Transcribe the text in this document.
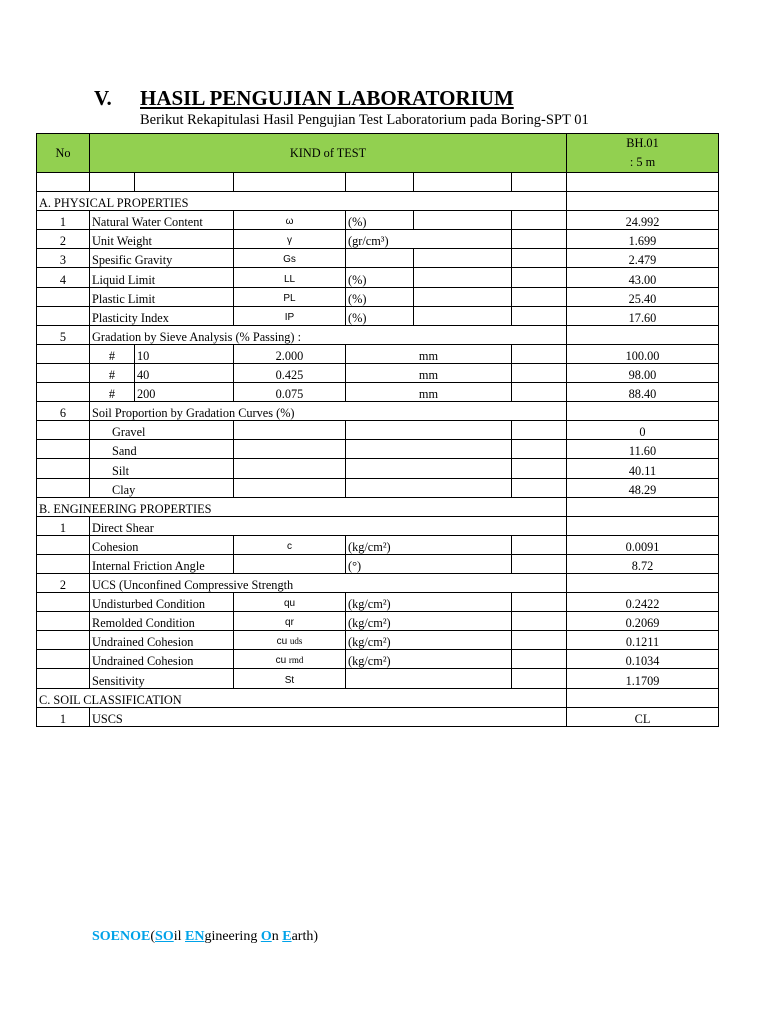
V. HASIL PENGUJIAN LABORATORIUM
Berikut Rekapitulasi Hasil Pengujian Test Laboratorium pada Boring-SPT 01
No	KIND of TEST						BH.01
: 5 m

A. PHYSICAL PROPERTIES							
1	Natural Water Content		ω	(%)			24.992
2	Unit Weight		γ	(gr/cm³)			1.699
3	Spesific Gravity		Gs				2.479
4	Liquid Limit		LL	(%)			43.00
	Plastic Limit		PL	(%)			25.40
	Plasticity Index		IP	(%)			17.60
5	Gradation by Sieve Analysis (% Passing) :						
	#	10	2.000	mm			100.00
	#	40	0.425	mm			98.00
	#	200	0.075	mm			88.40
6	Soil Proportion by Gradation Curves (%)						
	Gravel						0
	Sand						11.60
	Silt						40.11
	Clay						48.29
B. ENGINEERING PROPERTIES							
1	Direct Shear						
	Cohesion		c	(kg/cm²)			0.0091
	Internal Friction Angle			(°)			8.72
2	UCS (Unconfined Compressive Strength						
	Undisturbed Condition		qu	(kg/cm²)			0.2422
	Remolded Condition		qr	(kg/cm²)			0.2069
	Undrained Cohesion		cu uds	(kg/cm²)			0.1211
	Undrained Cohesion		cu rmd	(kg/cm²)			0.1034
	Sensitivity		St				1.1709
C. SOIL CLASSIFICATION							
1	USCS						CL
SOENOE(SOil ENgineering On Earth)
